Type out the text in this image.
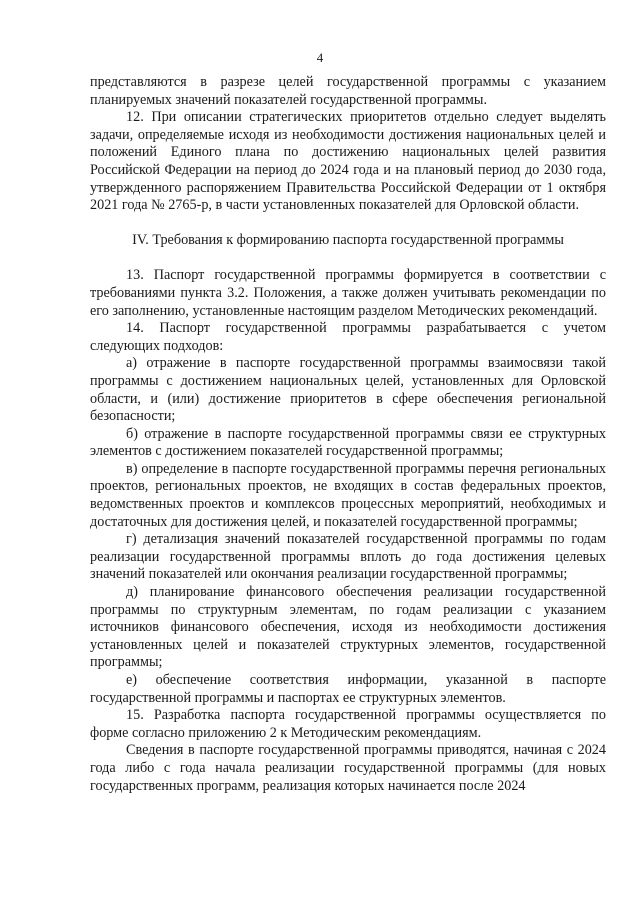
4

представляются в разрезе целей государственной программы с указанием планируемых значений показателей государственной программы.

12. При описании стратегических приоритетов отдельно следует выделять задачи, определяемые исходя из необходимости достижения национальных целей и положений Единого плана по достижению национальных целей развития Российской Федерации на период до 2024 года и на плановый период до 2030 года, утвержденного распоряжением Правительства Российской Федерации от 1 октября 2021 года № 2765-р, в части установленных показателей для Орловской области.

IV. Требования к формированию паспорта государственной программы

13. Паспорт государственной программы формируется в соответствии с требованиями пункта 3.2. Положения, а также должен учитывать рекомендации по его заполнению, установленные настоящим разделом Методических рекомендаций.

14. Паспорт государственной программы разрабатывается с учетом следующих подходов:

а) отражение в паспорте государственной программы взаимосвязи такой программы с достижением национальных целей, установленных для Орловской области, и (или) достижение приоритетов в сфере обеспечения региональной безопасности;

б) отражение в паспорте государственной программы связи ее структурных элементов с достижением показателей государственной программы;

в) определение в паспорте государственной программы перечня региональных проектов, региональных проектов, не входящих в состав федеральных проектов, ведомственных проектов и комплексов процессных мероприятий, необходимых и достаточных для достижения целей, и показателей государственной программы;

г) детализация значений показателей государственной программы по годам реализации государственной программы вплоть до года достижения целевых значений показателей или окончания реализации государственной программы;

д) планирование финансового обеспечения реализации государственной программы по структурным элементам, по годам реализации с указанием источников финансового обеспечения, исходя из необходимости достижения установленных целей и показателей структурных элементов, государственной программы;

е) обеспечение соответствия информации, указанной в паспорте государственной программы и паспортах ее структурных элементов.

15. Разработка паспорта государственной программы осуществляется по форме согласно приложению 2 к Методическим рекомендациям.

Сведения в паспорте государственной программы приводятся, начиная с 2024 года либо с года начала реализации государственной программы (для новых государственных программ, реализация которых начинается после 2024
